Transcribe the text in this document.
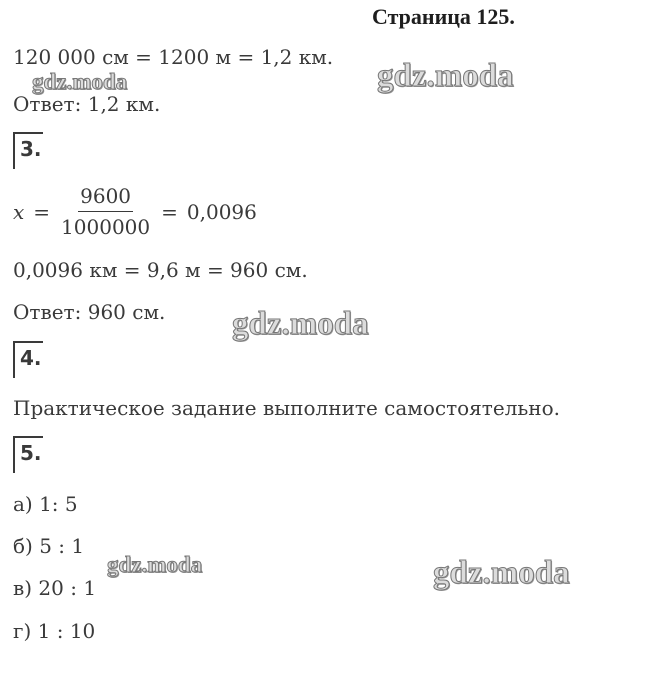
Страница 125.
120 000 см = 1200 м = 1,2 км.
Ответ: 1,2 км.
3.
$x = \frac{9600}{1000000} = 0,0096$
0,0096 км = 9,6 м = 960 см.
Ответ: 960 см.
4.
Практическое задание выполните самостоятельно.
5.
а) 1: 5
б) 5 : 1
в) 20 : 1
г) 1 : 10
gdz.moda	gdz.moda
gdz.moda
gdz.moda	gdz.moda
